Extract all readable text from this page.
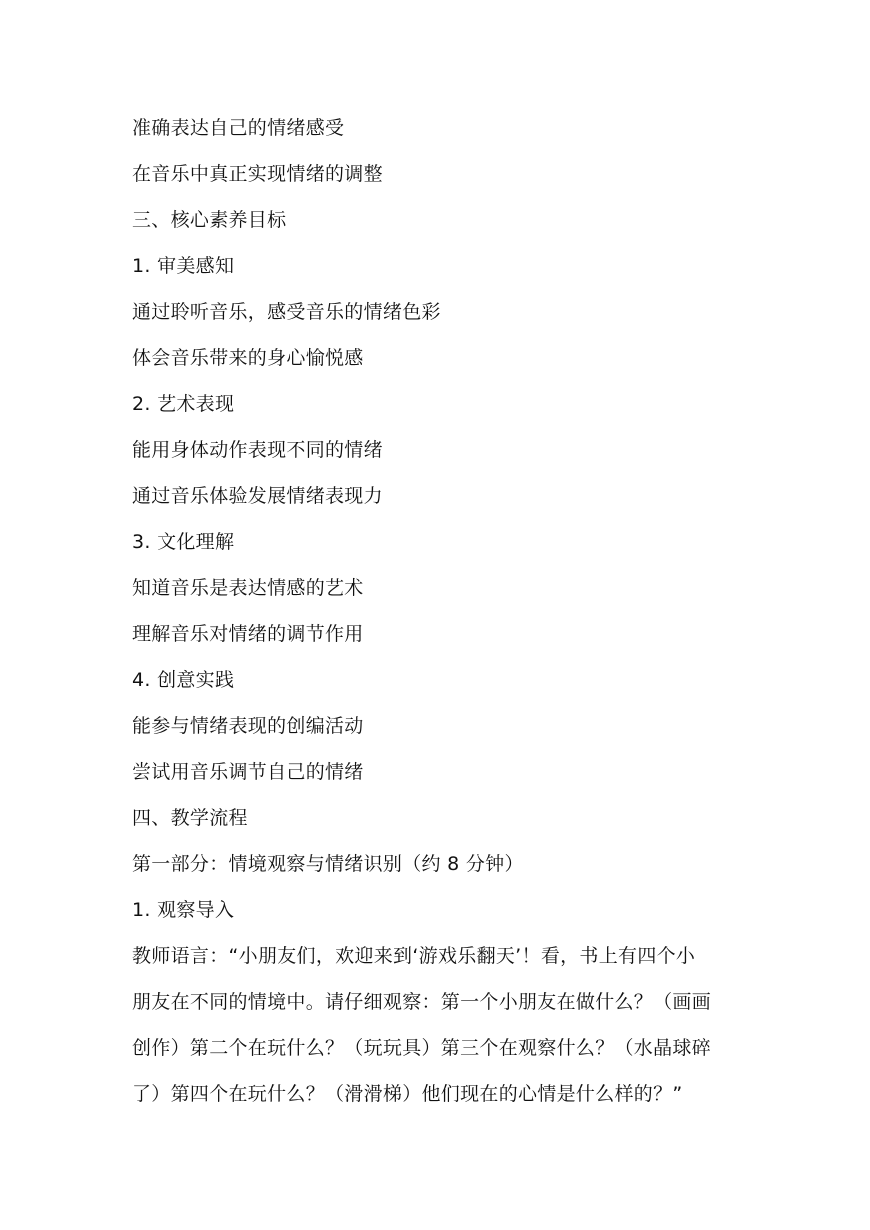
准确表达自己的情绪感受
在音乐中真正实现情绪的调整
三、核心素养目标
1. 审美感知
通过聆听音乐，感受音乐的情绪色彩
体会音乐带来的身心愉悦感
2. 艺术表现
能用身体动作表现不同的情绪
通过音乐体验发展情绪表现力
3. 文化理解
知道音乐是表达情感的艺术
理解音乐对情绪的调节作用
4. 创意实践
能参与情绪表现的创编活动
尝试用音乐调节自己的情绪
四、教学流程
第一部分：情境观察与情绪识别（约 8 分钟）
1. 观察导入
教师语言：“小朋友们，欢迎来到‘游戏乐翻天’！看，书上有四个小
朋友在不同的情境中。请仔细观察：第一个小朋友在做什么？（画画
创作）第二个在玩什么？（玩玩具）第三个在观察什么？（水晶球碎
了）第四个在玩什么？（滑滑梯）他们现在的心情是什么样的？”
